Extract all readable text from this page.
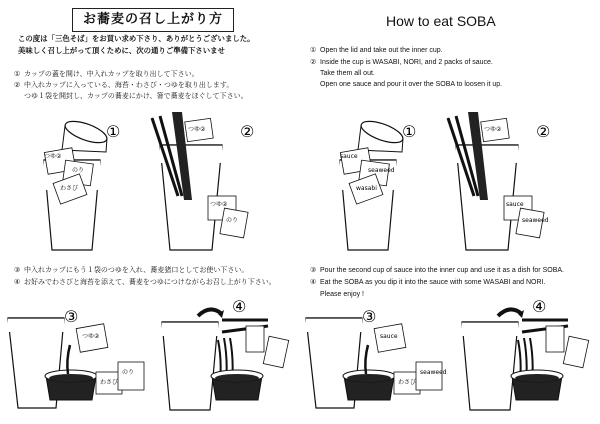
お蕎麦の召し上がり方
この度は「三色そば」をお買い求め下さり、ありがとうございました。
美味しく召し上がって頂くために、次の通りご準備下さいませ
① カップの蓋を開け、中入れカップを取り出して下さい。
② 中入れカップに入っている、海苔・わさび・つゆを取り出します。
つゆ１袋を開封し、カップの蕎麦にかけ、箸で蕎麦をほぐして下さい。
③ 中入れカップにもう１袋のつゆを入れ、蕎麦猪口としてお使い下さい。
④ お好みでわさびと海苔を添えて、蕎麦をつゆにつけながらお召し上がり下さい。
How to eat SOBA
① Open the lid and take out the inner cup.
② Inside the cup is WASABI, NORI, and 2 packs of sauce.
Take them all out.
Open one sauce and pour it over the SOBA to loosen it up.
③ Pour the second cup of sauce into the inner cup and use it as a dish for SOBA.
④ Eat the SOBA as you dip it into the sauce with some WASABI and NORI.
Please enjoy !
①
つゆ②
のり
わさび
②
つゆ②
つゆ②
のり
③
つゆ②
わさび
のり
④
①
sauce
seaweed
wasabi
②
つゆ②
sauce
seaweed
③
sauce
わさび
seaweed
④
